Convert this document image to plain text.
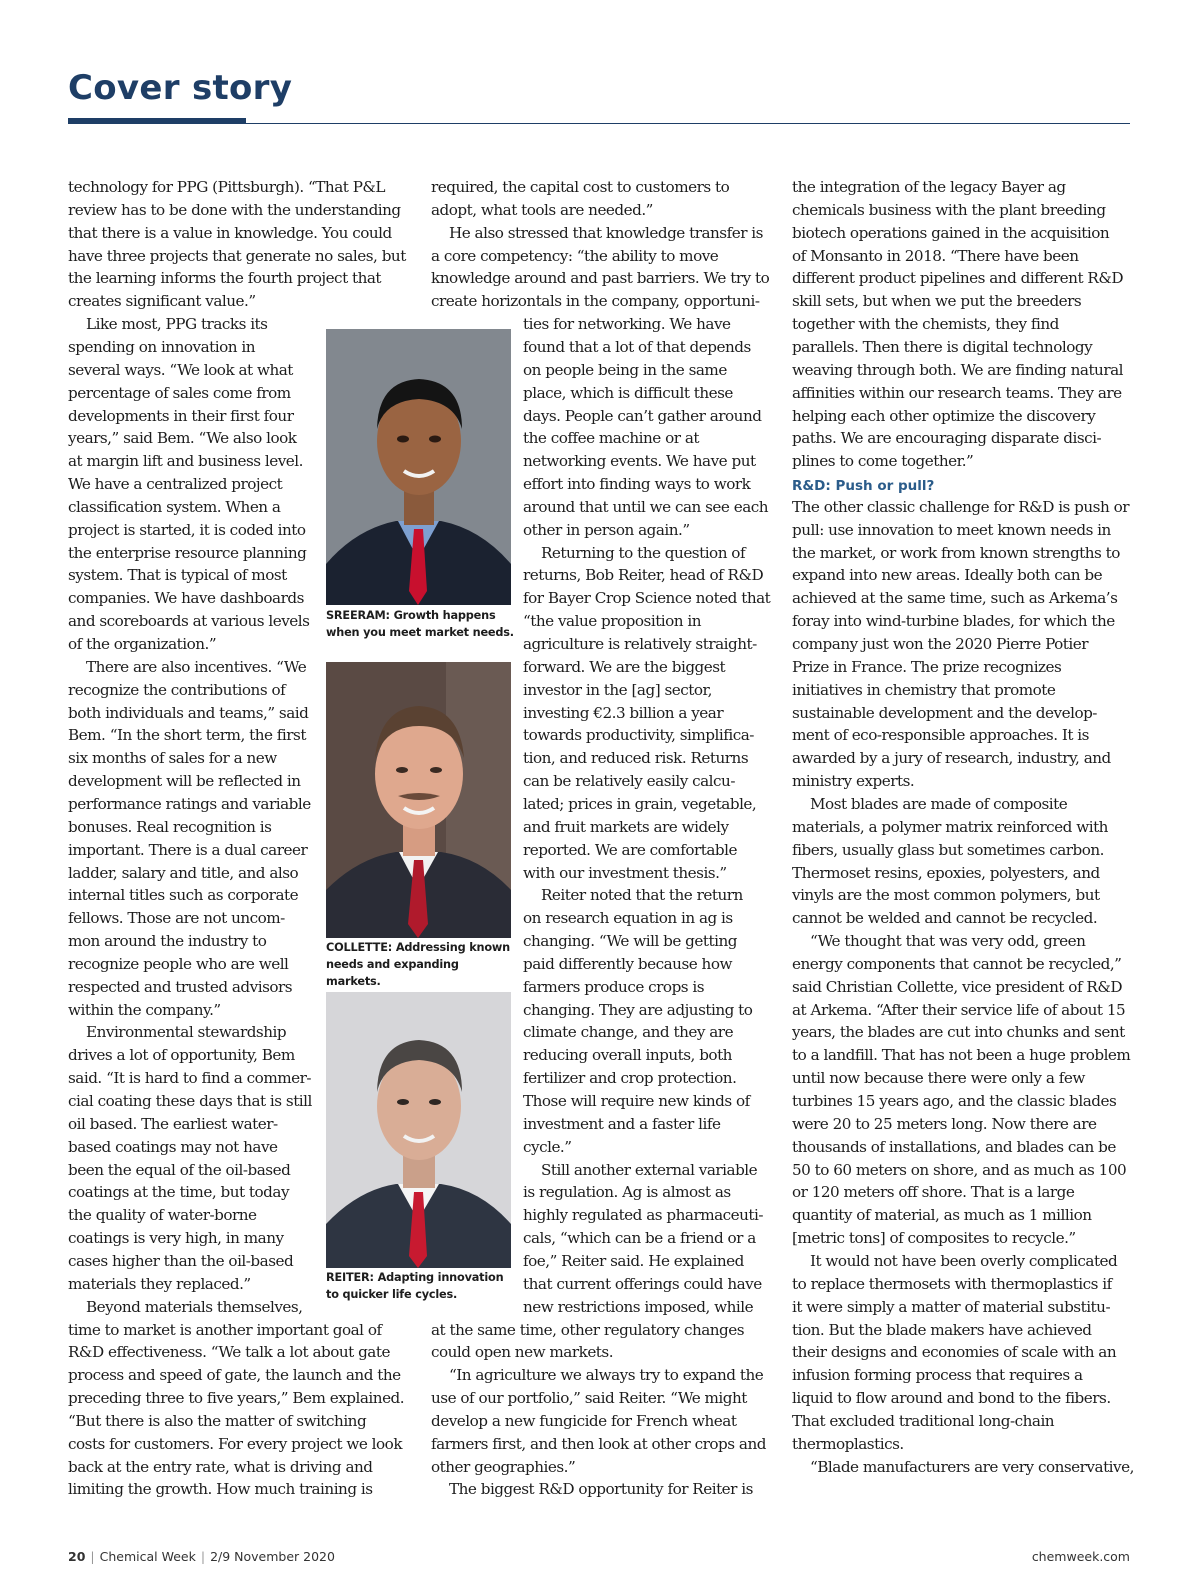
Cover story
technology for PPG (Pittsburgh). “That P&L
review has to be done with the understanding
that there is a value in knowledge. You could
have three projects that generate no sales, but
the learning informs the fourth project that
creates significant value.”
Like most, PPG tracks its
spending on innovation in
several ways. “We look at what
percentage of sales come from
developments in their first four
years,” said Bem. “We also look
at margin lift and business level.
We have a centralized project
classification system. When a
project is started, it is coded into
the enterprise resource planning
system. That is typical of most
companies. We have dashboards
and scoreboards at various levels
of the organization.”
There are also incentives. “We
recognize the contributions of
both individuals and teams,” said
Bem. “In the short term, the first
six months of sales for a new
development will be reflected in
performance ratings and variable
bonuses. Real recognition is
important. There is a dual career
ladder, salary and title, and also
internal titles such as corporate
fellows. Those are not uncom-
mon around the industry to
recognize people who are well
respected and trusted advisors
within the company.”
Environmental stewardship
drives a lot of opportunity, Bem
said. “It is hard to find a commer-
cial coating these days that is still
oil based. The earliest water-
based coatings may not have
been the equal of the oil-based
coatings at the time, but today
the quality of water-borne
coatings is very high, in many
cases higher than the oil-based
materials they replaced.”
Beyond materials themselves,
time to market is another important goal of
R&D effectiveness. “We talk a lot about gate
process and speed of gate, the launch and the
preceding three to five years,” Bem explained.
“But there is also the matter of switching
costs for customers. For every project we look
back at the entry rate, what is driving and
limiting the growth. How much training is
required, the capital cost to customers to
adopt, what tools are needed.”
He also stressed that knowledge transfer is
a core competency: “the ability to move
knowledge around and past barriers. We try to
create horizontals in the company, opportuni-
ties for networking. We have
found that a lot of that depends
on people being in the same
place, which is difficult these
days. People can’t gather around
the coffee machine or at
networking events. We have put
effort into finding ways to work
around that until we can see each
other in person again.”
Returning to the question of
returns, Bob Reiter, head of R&D
for Bayer Crop Science noted that
“the value proposition in
agriculture is relatively straight-
forward. We are the biggest
investor in the [ag] sector,
investing €2.3 billion a year
towards productivity, simplifica-
tion, and reduced risk. Returns
can be relatively easily calcu-
lated; prices in grain, vegetable,
and fruit markets are widely
reported. We are comfortable
with our investment thesis.”
Reiter noted that the return
on research equation in ag is
changing. “We will be getting
paid differently because how
farmers produce crops is
changing. They are adjusting to
climate change, and they are
reducing overall inputs, both
fertilizer and crop protection.
Those will require new kinds of
investment and a faster life
cycle.”
Still another external variable
is regulation. Ag is almost as
highly regulated as pharmaceuti-
cals, “which can be a friend or a
foe,” Reiter said. He explained
that current offerings could have
new restrictions imposed, while
at the same time, other regulatory changes
could open new markets.
“In agriculture we always try to expand the
use of our portfolio,” said Reiter. “We might
develop a new fungicide for French wheat
farmers first, and then look at other crops and
other geographies.”
The biggest R&D opportunity for Reiter is
the integration of the legacy Bayer ag
chemicals business with the plant breeding
biotech operations gained in the acquisition
of Monsanto in 2018. “There have been
different product pipelines and different R&D
skill sets, but when we put the breeders
together with the chemists, they find
parallels. Then there is digital technology
weaving through both. We are finding natural
affinities within our research teams. They are
helping each other optimize the discovery
paths. We are encouraging disparate disci-
plines to come together.”
R&D: Push or pull?
The other classic challenge for R&D is push or
pull: use innovation to meet known needs in
the market, or work from known strengths to
expand into new areas. Ideally both can be
achieved at the same time, such as Arkema’s
foray into wind-turbine blades, for which the
company just won the 2020 Pierre Potier
Prize in France. The prize recognizes
initiatives in chemistry that promote
sustainable development and the develop-
ment of eco-responsible approaches. It is
awarded by a jury of research, industry, and
ministry experts.
Most blades are made of composite
materials, a polymer matrix reinforced with
fibers, usually glass but sometimes carbon.
Thermoset resins, epoxies, polyesters, and
vinyls are the most common polymers, but
cannot be welded and cannot be recycled.
“We thought that was very odd, green
energy components that cannot be recycled,”
said Christian Collette, vice president of R&D
at Arkema. “After their service life of about 15
years, the blades are cut into chunks and sent
to a landfill. That has not been a huge problem
until now because there were only a few
turbines 15 years ago, and the classic blades
were 20 to 25 meters long. Now there are
thousands of installations, and blades can be
50 to 60 meters on shore, and as much as 100
or 120 meters off shore. That is a large
quantity of material, as much as 1 million
[metric tons] of composites to recycle.”
It would not have been overly complicated
to replace thermosets with thermoplastics if
it were simply a matter of material substitu-
tion. But the blade makers have achieved
their designs and economies of scale with an
infusion forming process that requires a
liquid to flow around and bond to the fibers.
That excluded traditional long-chain
thermoplastics.
“Blade manufacturers are very conservative,
SREERAM: Growth happens when you meet market needs.
COLLETTE: Addressing known needs and expanding markets.
REITER: Adapting innovation to quicker life cycles.
20 | Chemical Week | 2/9 November 2020	chemweek.com
